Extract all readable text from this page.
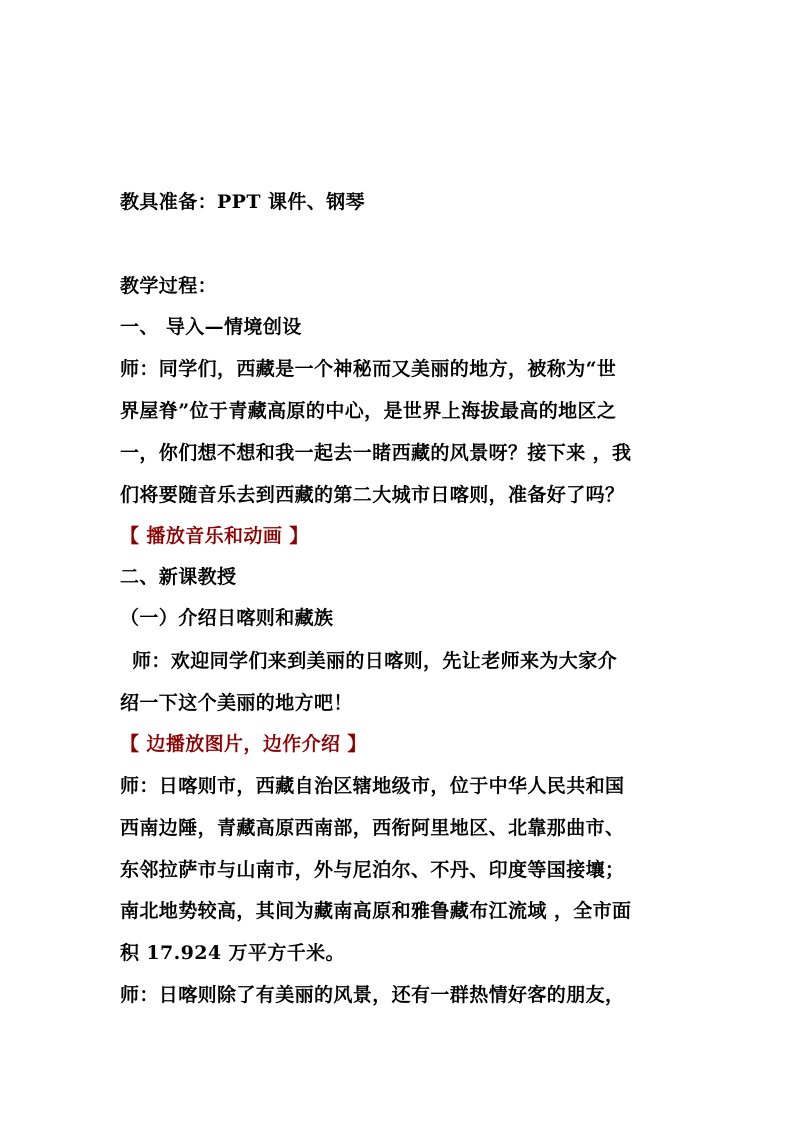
教具准备：PPT 课件、钢琴
教学过程：
一、 导入—情境创设
师：同学们，西藏是一个神秘而又美丽的地方，被称为“世
界屋脊”位于青藏高原的中心，是世界上海拔最高的地区之
一，你们想不想和我一起去一睹西藏的风景呀？接下来 ，我
们将要随音乐去到西藏的第二大城市日喀则，准备好了吗？
【 播放音乐和动画 】
二、新课教授
（一）介绍日喀则和藏族
师：欢迎同学们来到美丽的日喀则，先让老师来为大家介
绍一下这个美丽的地方吧！
【 边播放图片，边作介绍 】
师：日喀则市，西藏自治区辖地级市，位于中华人民共和国
西南边陲，青藏高原西南部，西衔阿里地区、北靠那曲市、
东邻拉萨市与山南市，外与尼泊尔、不丹、印度等国接壤；
南北地势较高，其间为藏南高原和雅鲁藏布江流域 ，全市面
积 17.924 万平方千米。
师：日喀则除了有美丽的风景，还有一群热情好客的朋友，
